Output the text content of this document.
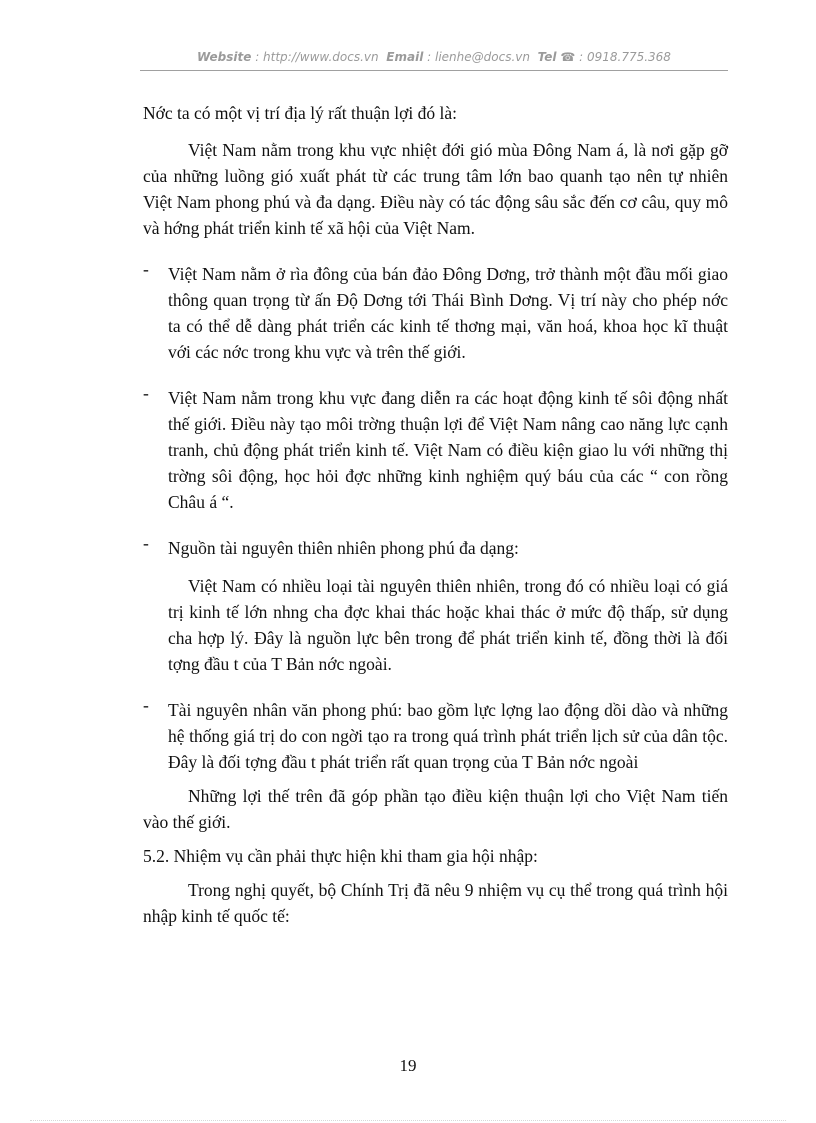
Website : http://www.docs.vn Email : lienhe@docs.vn Tel ☎ : 0918.775.368

Nớc ta có một vị trí địa lý rất thuận lợi đó là:

Việt Nam nằm trong khu vực nhiệt đới gió mùa Đông Nam á, là nơi gặp gỡ của những luồng gió xuất phát từ các trung tâm lớn bao quanh tạo nên tự nhiên Việt Nam phong phú và đa dạng. Điều này có tác động sâu sắc đến cơ câu, quy mô và hớng phát triển kinh tế xã hội của Việt Nam.

- Việt Nam nằm ở rìa đông của bán đảo Đông Dơng, trở thành một đầu mối giao thông quan trọng từ ấn Độ Dơng tới Thái Bình Dơng. Vị trí này cho phép nớc ta có thể dễ dàng phát triển các kinh tế thơng mại, văn hoá, khoa học kĩ thuật với các nớc trong khu vực và trên thế giới.

- Việt Nam nằm trong khu vực đang diễn ra các hoạt động kinh tế sôi động nhất thế giới. Điều này tạo môi trờng thuận lợi để Việt Nam nâng cao năng lực cạnh tranh, chủ động phát triển kinh tế. Việt Nam có điều kiện giao lu với những thị trờng sôi động, học hỏi đợc những kinh nghiệm quý báu của các “ con rồng Châu á “.

- Nguồn tài nguyên thiên nhiên phong phú đa dạng:

Việt Nam có nhiều loại tài nguyên thiên nhiên, trong đó có nhiều loại có giá trị kinh tế lớn nhng cha đợc khai thác hoặc khai thác ở mức độ thấp, sử dụng cha hợp lý. Đây là nguồn lực bên trong để phát triển kinh tế, đồng thời là đối tợng đầu t của T Bản nớc ngoài.

- Tài nguyên nhân văn phong phú: bao gồm lực lợng lao động dồi dào và những hệ thống giá trị do con ngời tạo ra trong quá trình phát triển lịch sử của dân tộc. Đây là đối tợng đầu t phát triển rất quan trọng của T Bản nớc ngoài

Những lợi thế trên đã góp phần tạo điều kiện thuận lợi cho Việt Nam tiến vào thế giới.

5.2. Nhiệm vụ cần phải thực hiện khi tham gia hội nhập:

Trong nghị quyết, bộ Chính Trị đã nêu 9 nhiệm vụ cụ thể trong quá trình hội nhập kinh tế quốc tế:

19
